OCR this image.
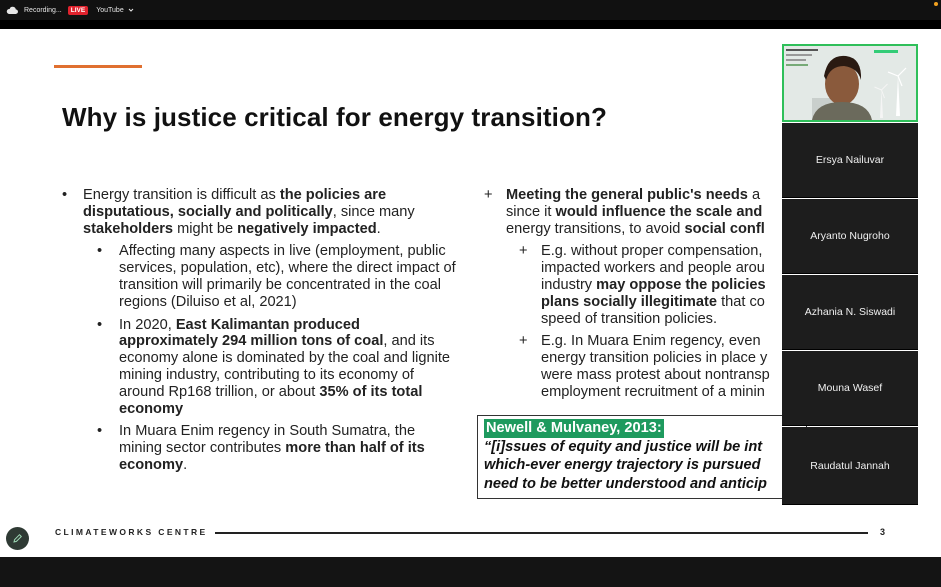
Recording...	LIVE	YouTube
Why is justice critical for energy transition?
• Energy transition is difficult as the policies are disputatious, socially and politically, since many stakeholders might be negatively impacted.
• Affecting many aspects in live (employment, public services, population, etc), where the direct impact of transition will primarily be concentrated in the coal regions (Diluiso et al, 2021)
• In 2020, East Kalimantan produced approximately 294 million tons of coal, and its economy alone is dominated by the coal and lignite mining industry, contributing to its economy of around Rp168 trillion, or about 35% of its total economy
• In Muara Enim regency in South Sumatra, the mining sector contributes more than half of its economy.
+ Meeting the general public's needs a
since it would influence the scale and
energy transitions, to avoid social confl
+ E.g. without proper compensation,
impacted workers and people arou
industry may oppose the policies
plans socially illegitimate that co
speed of transition policies.
+ E.g. In Muara Enim regency, even
energy transition policies in place y
were mass protest about nontransp
employment recruitment of a minin
Newell & Mulvaney, 2013:
“[i]ssues of equity and justice will be int
which-ever energy trajectory is pursued
need to be better understood and anticip
CLIMATEWORKS CENTRE	3
Ersya Nailuvar
Aryanto Nugroho
Azhania N. Siswadi
Mouna Wasef
Raudatul Jannah
